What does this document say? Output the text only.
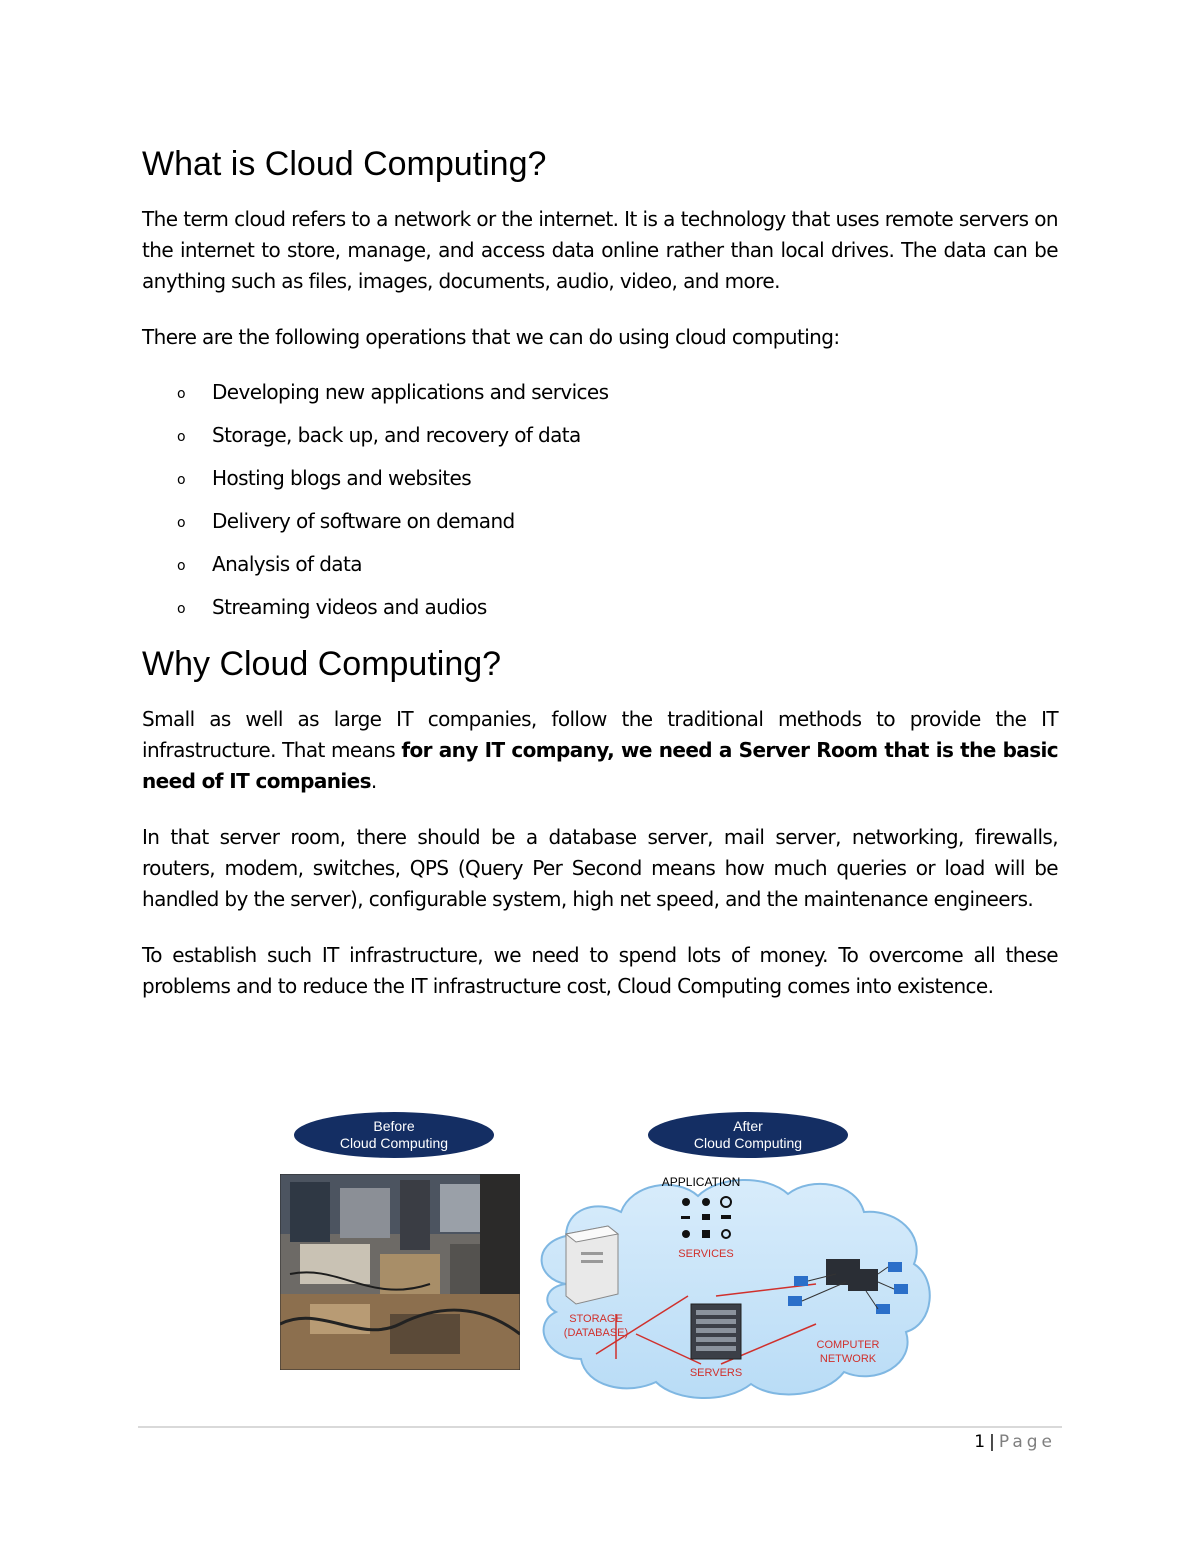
What is Cloud Computing?

The term cloud refers to a network or the internet. It is a technology that uses remote servers on the internet to store, manage, and access data online rather than local drives. The data can be anything such as files, images, documents, audio, video, and more.

There are the following operations that we can do using cloud computing:

o Developing new applications and services
o Storage, back up, and recovery of data
o Hosting blogs and websites
o Delivery of software on demand
o Analysis of data
o Streaming videos and audios
Why Cloud Computing?

Small as well as large IT companies, follow the traditional methods to provide the IT infrastructure. That means for any IT company, we need a Server Room that is the basic need of IT companies.

In that server room, there should be a database server, mail server, networking, firewalls, routers, modem, switches, QPS (Query Per Second means how much queries or load will be handled by the server), configurable system, high net speed, and the maintenance engineers.

To establish such IT infrastructure, we need to spend lots of money. To overcome all these problems and to reduce the IT infrastructure cost, Cloud Computing comes into existence.

Before
Cloud Computing
After
Cloud Computing
APPLICATION
SERVICES
STORAGE
(DATABASE)
SERVERS
COMPUTER
NETWORK
1 | Page
